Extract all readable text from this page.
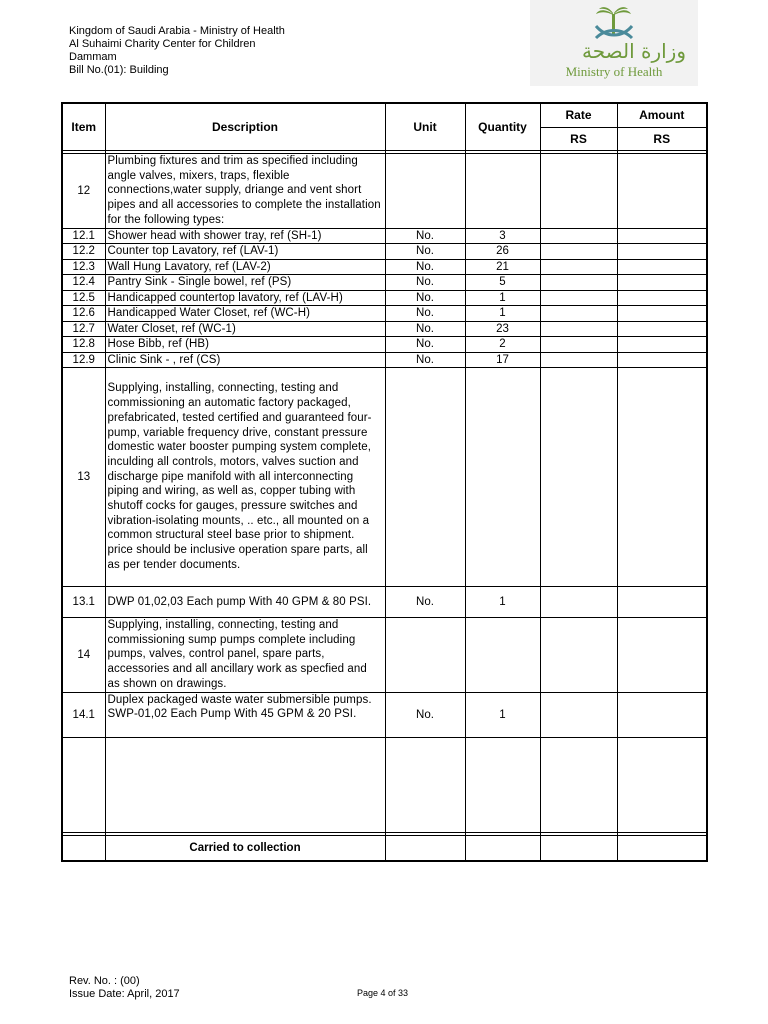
Kingdom of Saudi Arabia - Ministry of Health
Al Suhaimi Charity Center for Children
Dammam
Bill No.(01): Building
وزارة الصحة
Ministry of Health
Item	Description	Unit	Quantity	Rate	Amount
				RS	RS

12	Plumbing fixtures and trim as specified including angle valves, mixers, traps, flexible connections,water supply, driange and vent short pipes and all accessories to complete the installation for the following types:				
12.1	Shower head with shower tray, ref (SH-1)	No.	3		
12.2	Counter top Lavatory, ref (LAV-1)	No.	26		
12.3	Wall Hung Lavatory, ref (LAV-2)	No.	21		
12.4	Pantry Sink - Single bowel, ref (PS)	No.	5		
12.5	Handicapped countertop lavatory, ref (LAV-H)	No.	1		
12.6	Handicapped Water Closet, ref (WC-H)	No.	1		
12.7	Water Closet, ref (WC-1)	No.	23		
12.8	Hose Bibb, ref (HB)	No.	2		
12.9	Clinic Sink - , ref (CS)	No.	17		
13	Supplying, installing, connecting, testing and commissioning an automatic factory packaged, prefabricated, tested certified and guaranteed four-pump, variable frequency drive, constant pressure domestic water booster pumping system complete, inculding all controls, motors, valves suction and discharge pipe manifold with all interconnecting piping and wiring, as well as, copper tubing with shutoff cocks for gauges, pressure switches and vibration-isolating mounts, .. etc., all mounted on a common structural steel base prior to shipment. price should be inclusive operation spare parts, all as per tender documents.				
13.1	DWP 01,02,03 Each pump With 40 GPM & 80 PSI.	No.	1		
14	Supplying, installing, connecting, testing and commissioning sump pumps complete including pumps, valves, control panel, spare parts, accessories and all ancillary work as specfied and as shown on drawings.				
14.1	Duplex packaged waste water submersible pumps. SWP-01,02 Each Pump With 45 GPM & 20 PSI.	No.	1		

	Carried to collection				
Rev. No. : (00)
Issue Date: April, 2017	Page 4 of 33
